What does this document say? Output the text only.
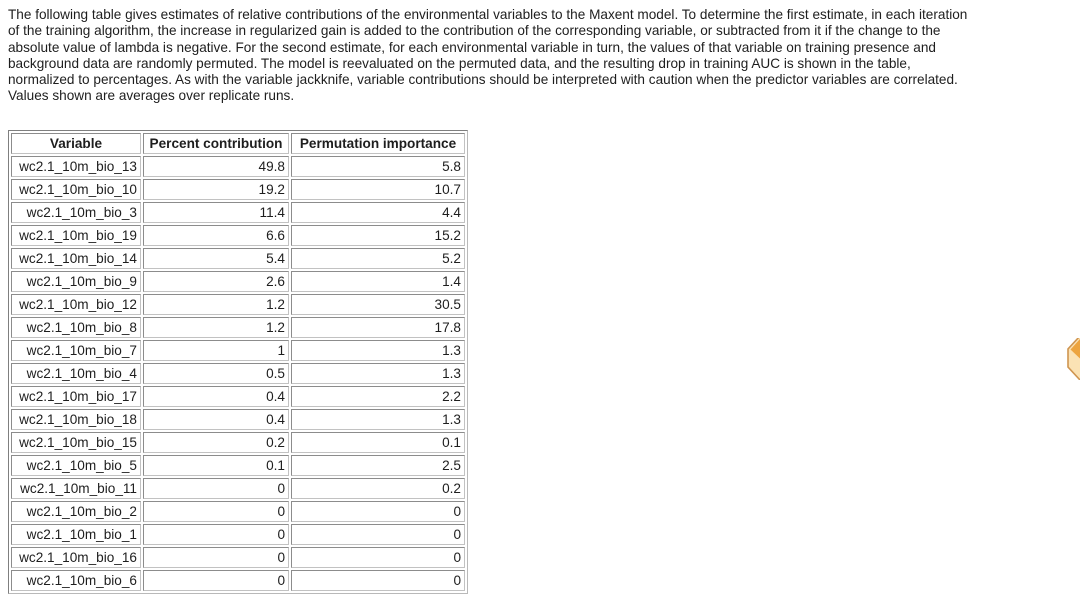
The following table gives estimates of relative contributions of the environmental variables to the Maxent model. To determine the first estimate, in each iteration
of the training algorithm, the increase in regularized gain is added to the contribution of the corresponding variable, or subtracted from it if the change to the
absolute value of lambda is negative. For the second estimate, for each environmental variable in turn, the values of that variable on training presence and
background data are randomly permuted. The model is reevaluated on the permuted data, and the resulting drop in training AUC is shown in the table,
normalized to percentages. As with the variable jackknife, variable contributions should be interpreted with caution when the predictor variables are correlated.
Values shown are averages over replicate runs.
Variable	Percent contribution	Permutation importance
wc2.1_10m_bio_13	49.8	5.8
wc2.1_10m_bio_10	19.2	10.7
wc2.1_10m_bio_3	11.4	4.4
wc2.1_10m_bio_19	6.6	15.2
wc2.1_10m_bio_14	5.4	5.2
wc2.1_10m_bio_9	2.6	1.4
wc2.1_10m_bio_12	1.2	30.5
wc2.1_10m_bio_8	1.2	17.8
wc2.1_10m_bio_7	1	1.3
wc2.1_10m_bio_4	0.5	1.3
wc2.1_10m_bio_17	0.4	2.2
wc2.1_10m_bio_18	0.4	1.3
wc2.1_10m_bio_15	0.2	0.1
wc2.1_10m_bio_5	0.1	2.5
wc2.1_10m_bio_11	0	0.2
wc2.1_10m_bio_2	0	0
wc2.1_10m_bio_1	0	0
wc2.1_10m_bio_16	0	0
wc2.1_10m_bio_6	0	0
